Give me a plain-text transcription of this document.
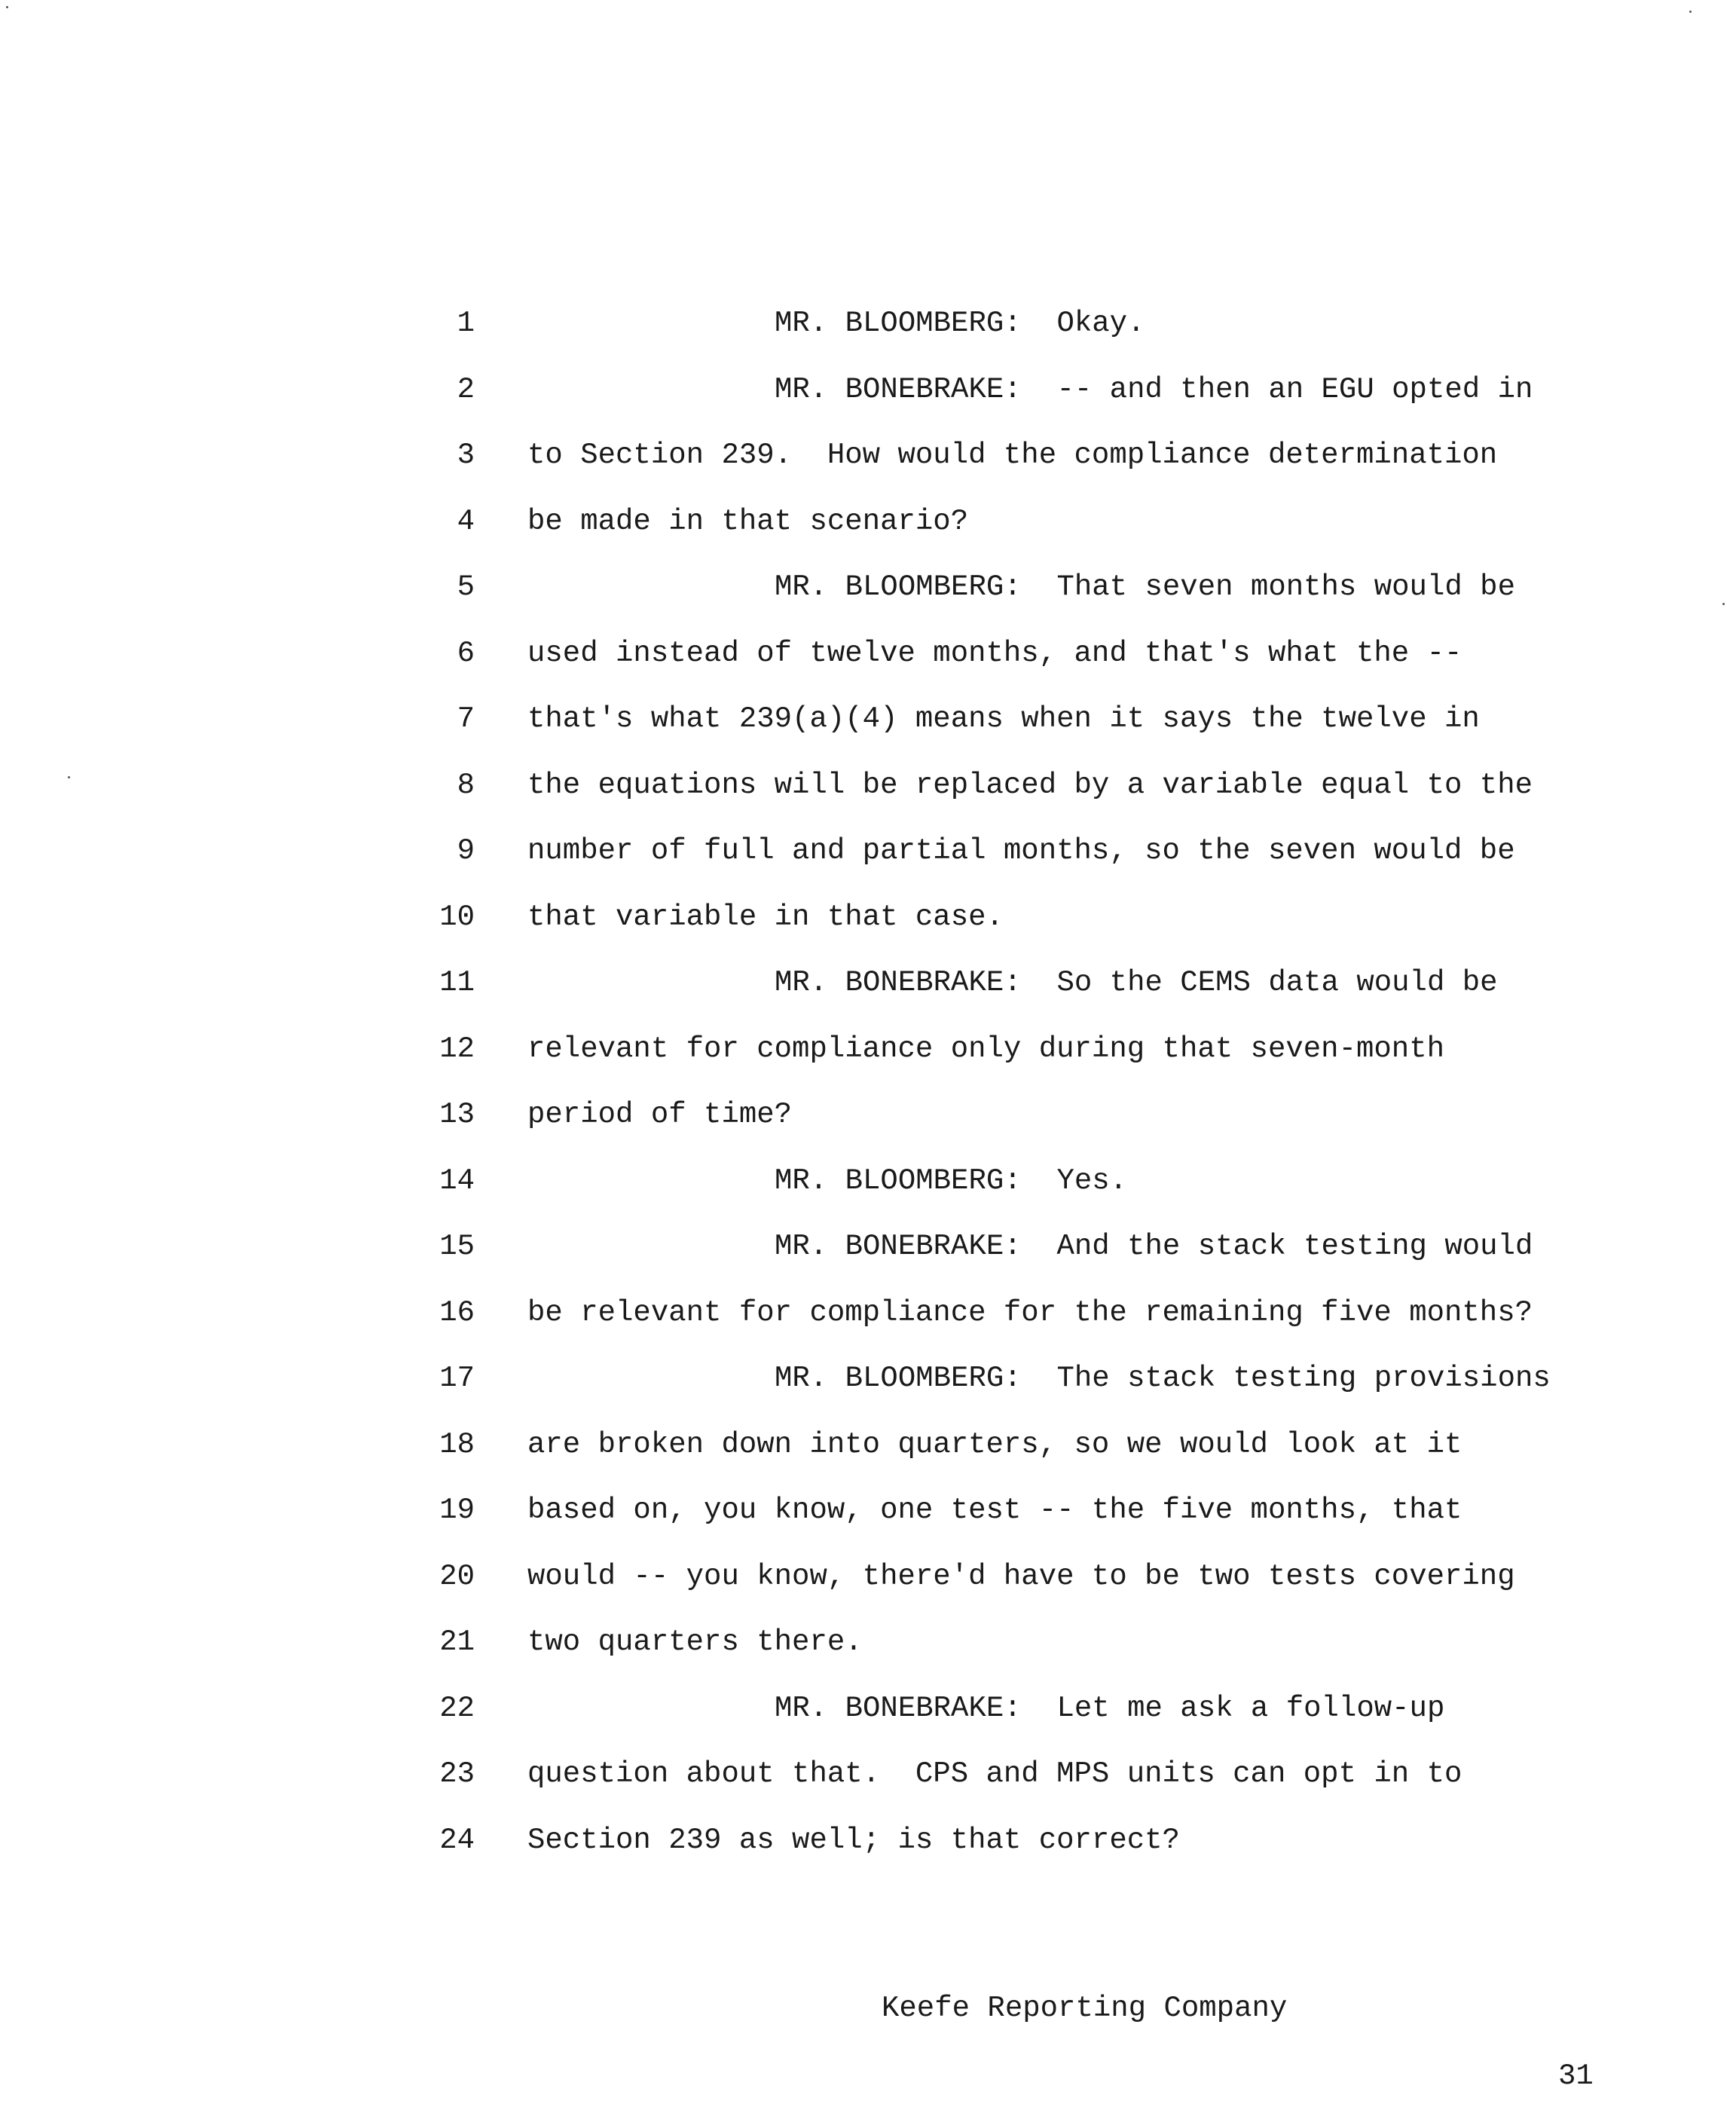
1	MR. BLOOMBERG: Okay.
2	MR. BONEBRAKE: -- and then an EGU opted in
3 to Section 239.  How would the compliance determination
4 be made in that scenario?
5	MR. BLOOMBERG: That seven months would be
6 used instead of twelve months, and that's what the --
7 that's what 239(a)(4) means when it says the twelve in
8 the equations will be replaced by a variable equal to the
9 number of full and partial months, so the seven would be
10 that variable in that case.
11	MR. BONEBRAKE: So the CEMS data would be
12 relevant for compliance only during that seven-month
13 period of time?
14	MR. BLOOMBERG: Yes.
15	MR. BONEBRAKE: And the stack testing would
16 be relevant for compliance for the remaining five months?
17	MR. BLOOMBERG: The stack testing provisions
18 are broken down into quarters, so we would look at it
19 based on, you know, one test -- the five months, that
20 would -- you know, there'd have to be two tests covering
21 two quarters there.
22	MR. BONEBRAKE: Let me ask a follow-up
23 question about that.  CPS and MPS units can opt in to
24 Section 239 as well; is that correct?

Keefe Reporting Company

31
